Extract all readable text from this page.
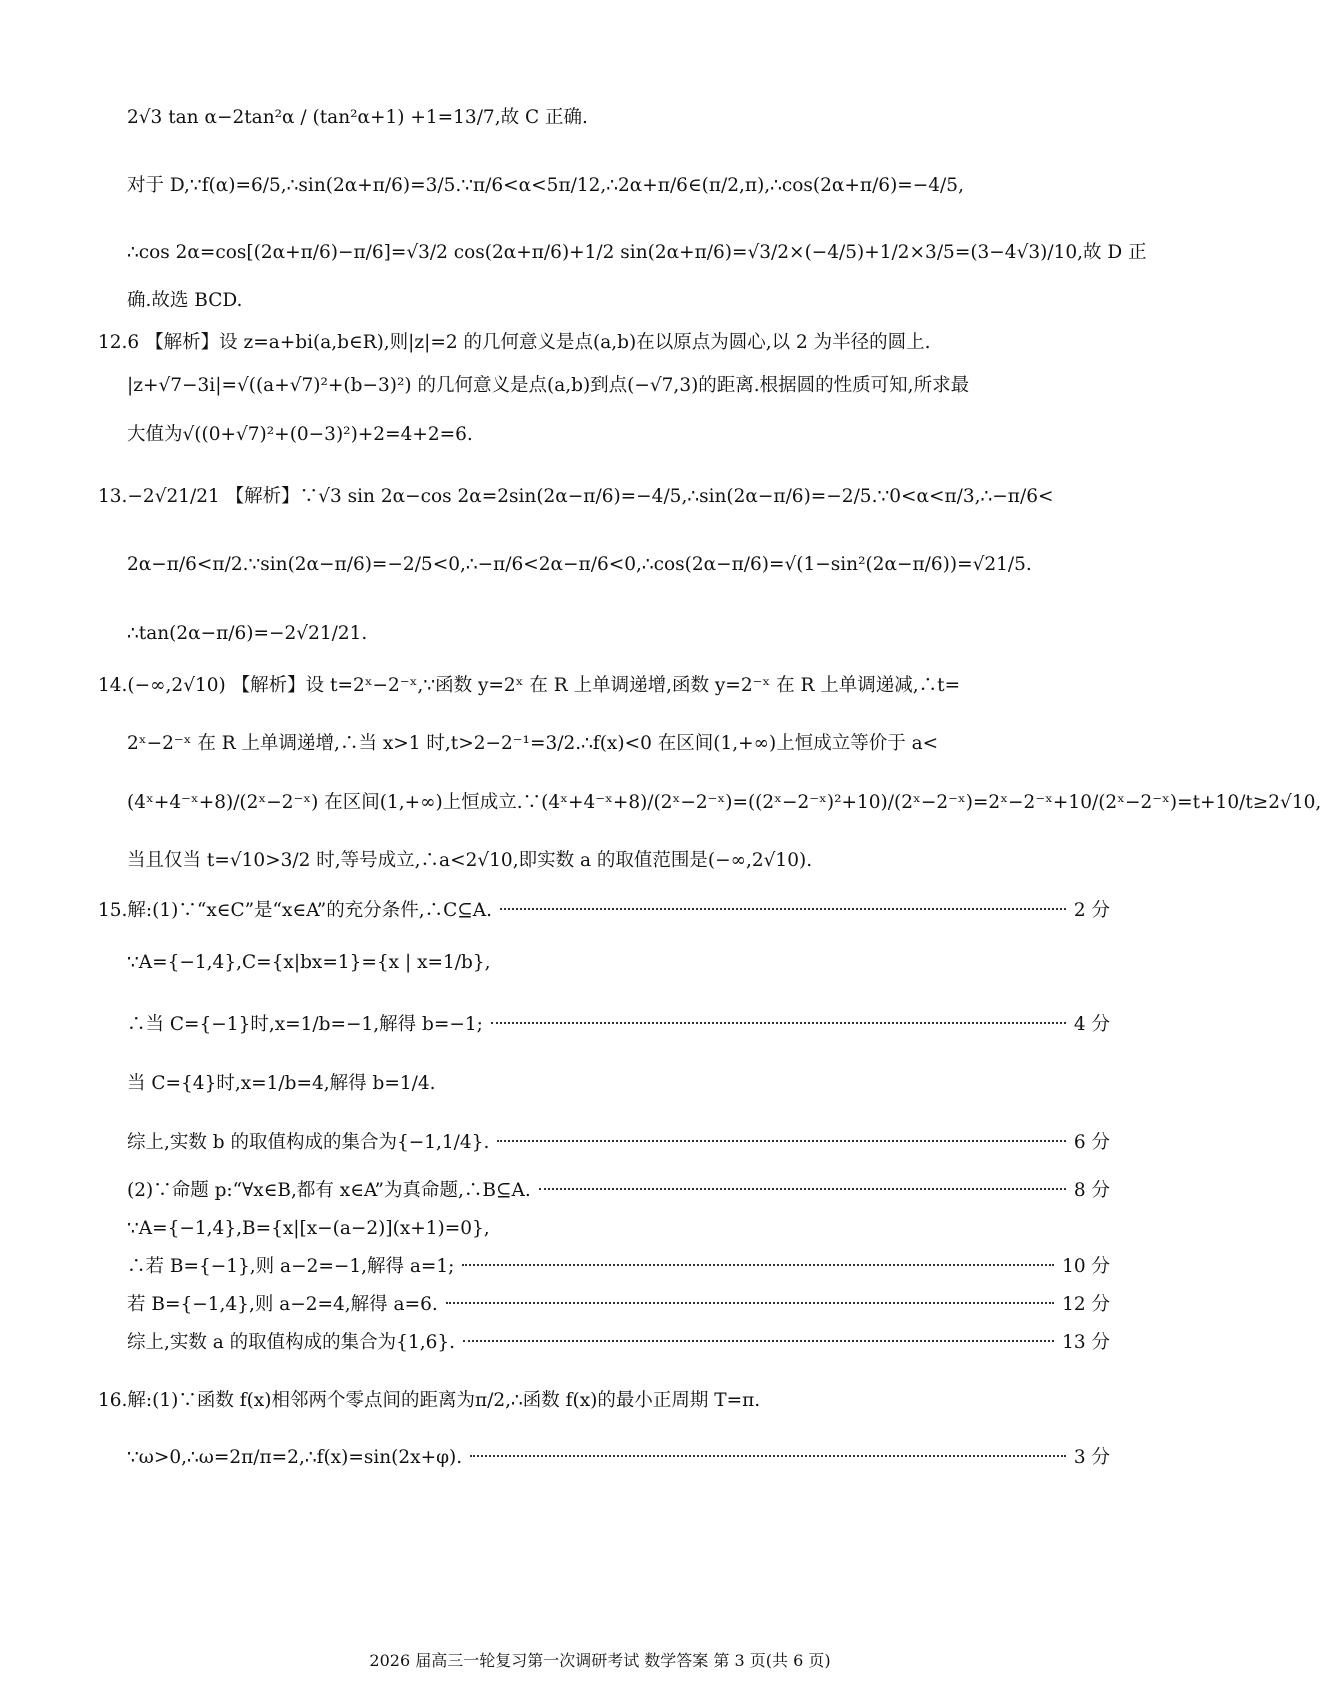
2√3 tan α−2tan²α / (tan²α+1) +1=13/7,故 C 正确.
对于 D,∵f(α)=6/5,∴sin(2α+π/6)=3/5.∵π/6<α<5π/12,∴2α+π/6∈(π/2,π),∴cos(2α+π/6)=−4/5,
∴cos 2α=cos[(2α+π/6)−π/6]=√3/2 cos(2α+π/6)+1/2 sin(2α+π/6)=√3/2×(−4/5)+1/2×3/5=(3−4√3)/10,故 D 正
确.故选 BCD.
12.6 【解析】设 z=a+bi(a,b∈R),则|z|=2 的几何意义是点(a,b)在以原点为圆心,以 2 为半径的圆上.
|z+√7−3i|=√((a+√7)²+(b−3)²) 的几何意义是点(a,b)到点(−√7,3)的距离.根据圆的性质可知,所求最
大值为√((0+√7)²+(0−3)²)+2=4+2=6.
13.−2√21/21 【解析】∵√3 sin 2α−cos 2α=2sin(2α−π/6)=−4/5,∴sin(2α−π/6)=−2/5.∵0<α<π/3,∴−π/6<
2α−π/6<π/2.∵sin(2α−π/6)=−2/5<0,∴−π/6<2α−π/6<0,∴cos(2α−π/6)=√(1−sin²(2α−π/6))=√21/5.
∴tan(2α−π/6)=−2√21/21.
14.(−∞,2√10) 【解析】设 t=2ˣ−2⁻ˣ,∵函数 y=2ˣ 在 R 上单调递增,函数 y=2⁻ˣ 在 R 上单调递减,∴t=
2ˣ−2⁻ˣ 在 R 上单调递增,∴当 x>1 时,t>2−2⁻¹=3/2.∴f(x)<0 在区间(1,+∞)上恒成立等价于 a<
(4ˣ+4⁻ˣ+8)/(2ˣ−2⁻ˣ) 在区间(1,+∞)上恒成立.∵(4ˣ+4⁻ˣ+8)/(2ˣ−2⁻ˣ)=((2ˣ−2⁻ˣ)²+10)/(2ˣ−2⁻ˣ)=2ˣ−2⁻ˣ+10/(2ˣ−2⁻ˣ)=t+10/t≥2√10,
当且仅当 t=√10>3/2 时,等号成立,∴a<2√10,即实数 a 的取值范围是(−∞,2√10).
15.解:(1)∵“x∈C”是“x∈A”的充分条件,∴C⊆A.	2 分
∵A={−1,4},C={x|bx=1}={x | x=1/b},
∴当 C={−1}时,x=1/b=−1,解得 b=−1;	4 分
当 C={4}时,x=1/b=4,解得 b=1/4.
综上,实数 b 的取值构成的集合为{−1,1/4}.	6 分
(2)∵命题 p:“∀x∈B,都有 x∈A”为真命题,∴B⊆A.	8 分
∵A={−1,4},B={x|[x−(a−2)](x+1)=0},
∴若 B={−1},则 a−2=−1,解得 a=1;	10 分
若 B={−1,4},则 a−2=4,解得 a=6.	12 分
综上,实数 a 的取值构成的集合为{1,6}.	13 分
16.解:(1)∵函数 f(x)相邻两个零点间的距离为π/2,∴函数 f(x)的最小正周期 T=π.
∵ω>0,∴ω=2π/π=2,∴f(x)=sin(2x+φ).	3 分
2026 届高三一轮复习第一次调研考试 数学答案 第 3 页(共 6 页)
